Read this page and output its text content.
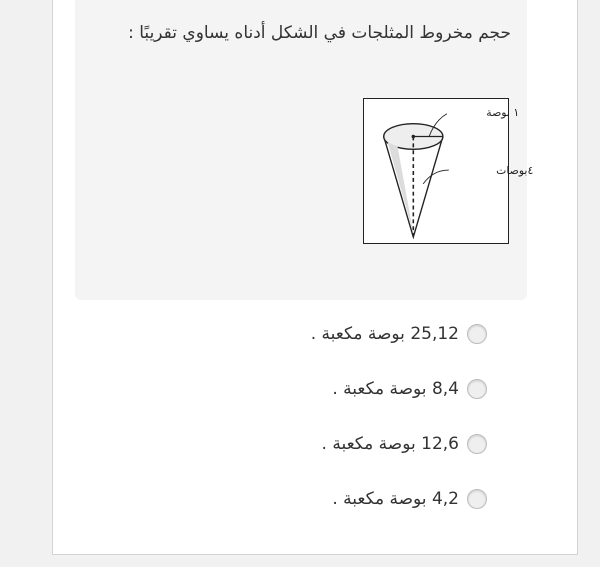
حجم مخروط المثلجات في الشكل أدناه يساوي تقريبًا :
١ بوصة
٤بوصات
25,12 بوصة مكعبة .
8,4 بوصة مكعبة .
12,6 بوصة مكعبة .
4,2 بوصة مكعبة .
